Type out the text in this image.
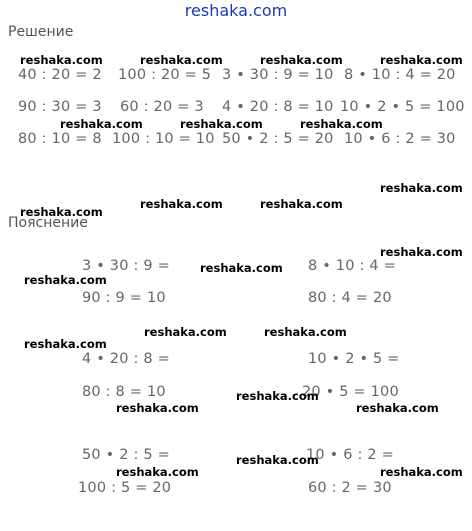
reshaka.com
Решение
40 : 20 = 2 100 : 20 = 5 3 • 30 : 9 = 10 8 • 10 : 4 = 20
90 : 30 = 3 60 : 20 = 3 4 • 20 : 8 = 10 10 • 2 • 5 = 100
80 : 10 = 8 100 : 10 = 10 50 • 2 : 5 = 20 10 • 6 : 2 = 30
Пояснение
3 • 30 : 9 =
90 : 9 = 10
8 • 10 : 4 =
80 : 4 = 20
4 • 20 : 8 =
80 : 8 = 10
10 • 2 • 5 =
20 • 5 = 100
50 • 2 : 5 =
100 : 5 = 20
10 • 6 : 2 =
60 : 2 = 30
reshaka.com	reshaka.com	reshaka.com	reshaka.com
reshaka.com	reshaka.com	reshaka.com
reshaka.com
reshaka.com
reshaka.com	reshaka.com
reshaka.com
reshaka.com
reshaka.com
reshaka.com	reshaka.com
reshaka.com
reshaka.com
reshaka.com	reshaka.com
reshaka.com
reshaka.com	reshaka.com
